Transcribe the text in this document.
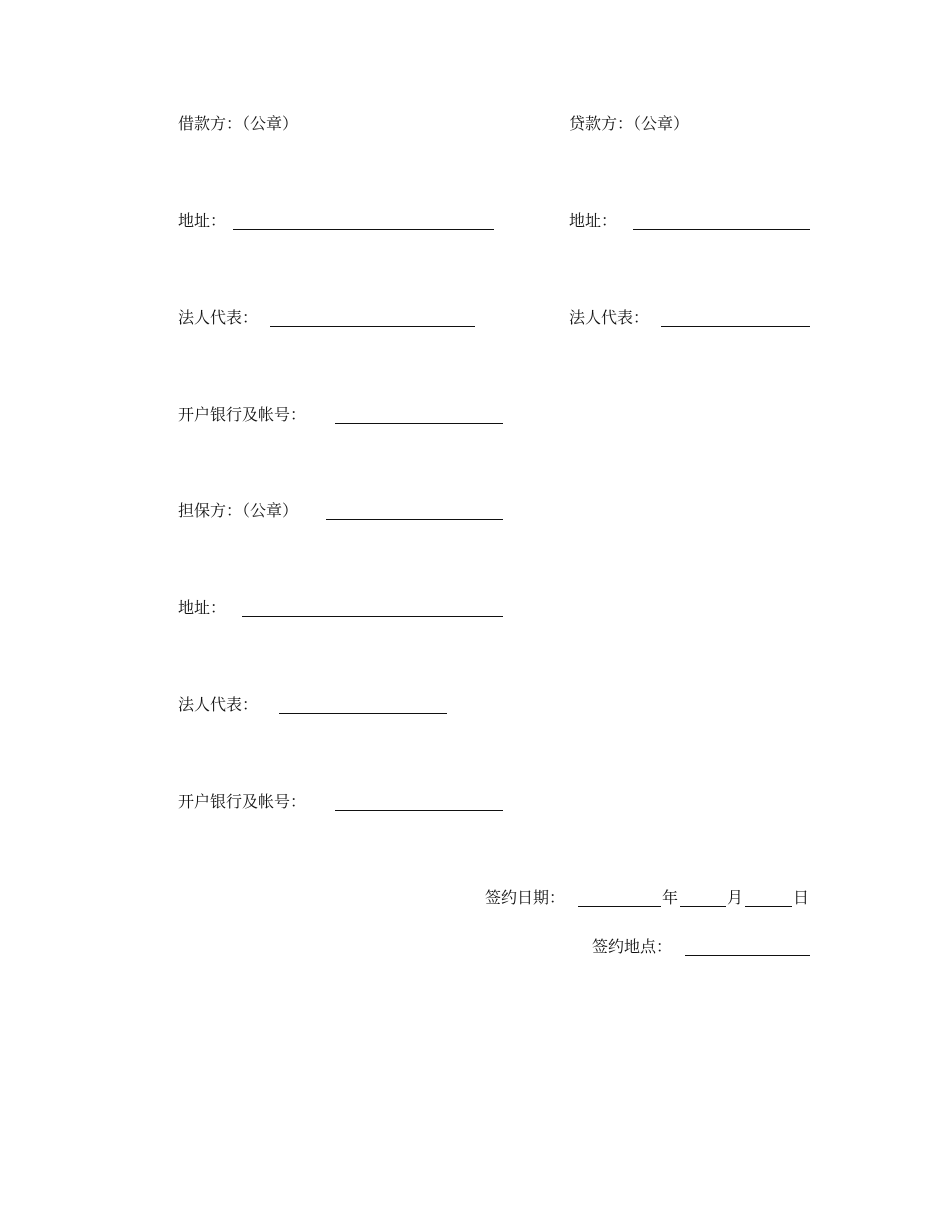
借款方：（公章）	贷款方：（公章）
地址：	地址：
法人代表：	法人代表：
开户银行及帐号：
担保方：（公章）
地址：
法人代表：
开户银行及帐号：
签约日期：	年	月	日
签约地点：
